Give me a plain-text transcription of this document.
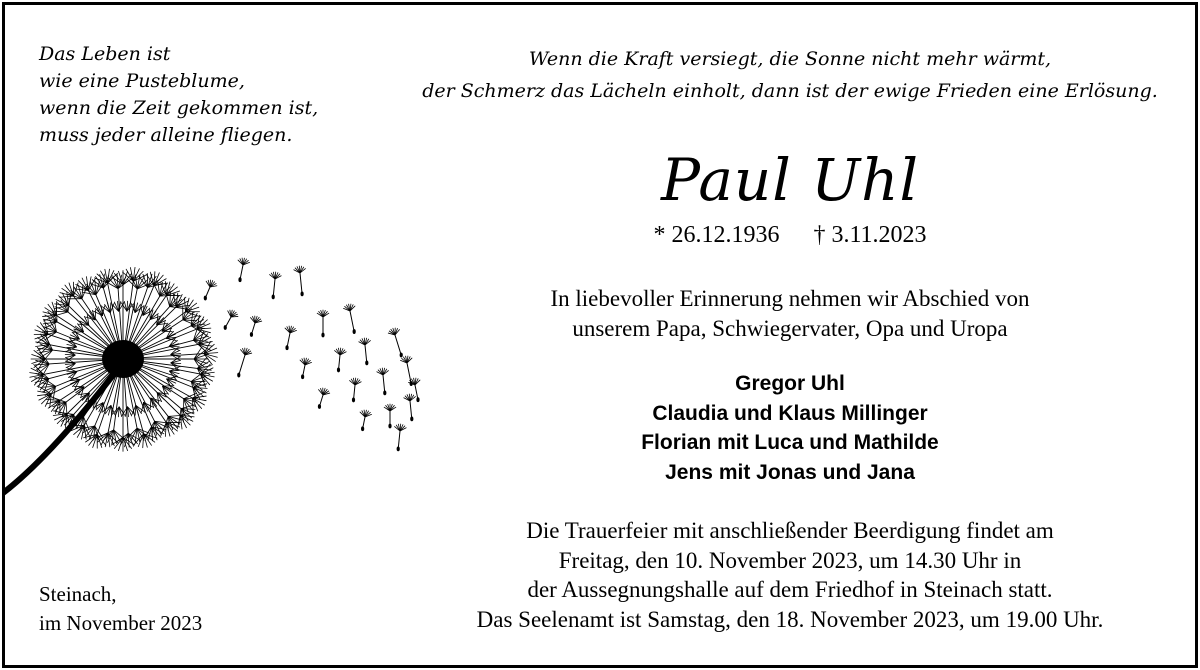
Das Leben ist
wie eine Pusteblume,
wenn die Zeit gekommen ist,
muss jeder alleine fliegen.
Wenn die Kraft versiegt, die Sonne nicht mehr wärmt,
der Schmerz das Lächeln einholt, dann ist der ewige Frieden eine Erlösung.
Paul Uhl
* 26.12.1936 † 3.11.2023
In liebevoller Erinnerung nehmen wir Abschied von
unserem Papa, Schwiegervater, Opa und Uropa
Gregor Uhl
Claudia und Klaus Millinger
Florian mit Luca und Mathilde
Jens mit Jonas und Jana
Die Trauerfeier mit anschließender Beerdigung findet am
Freitag, den 10. November 2023, um 14.30 Uhr in
der Aussegnungshalle auf dem Friedhof in Steinach statt.
Das Seelenamt ist Samstag, den 18. November 2023, um 19.00 Uhr.
Steinach,
im November 2023
